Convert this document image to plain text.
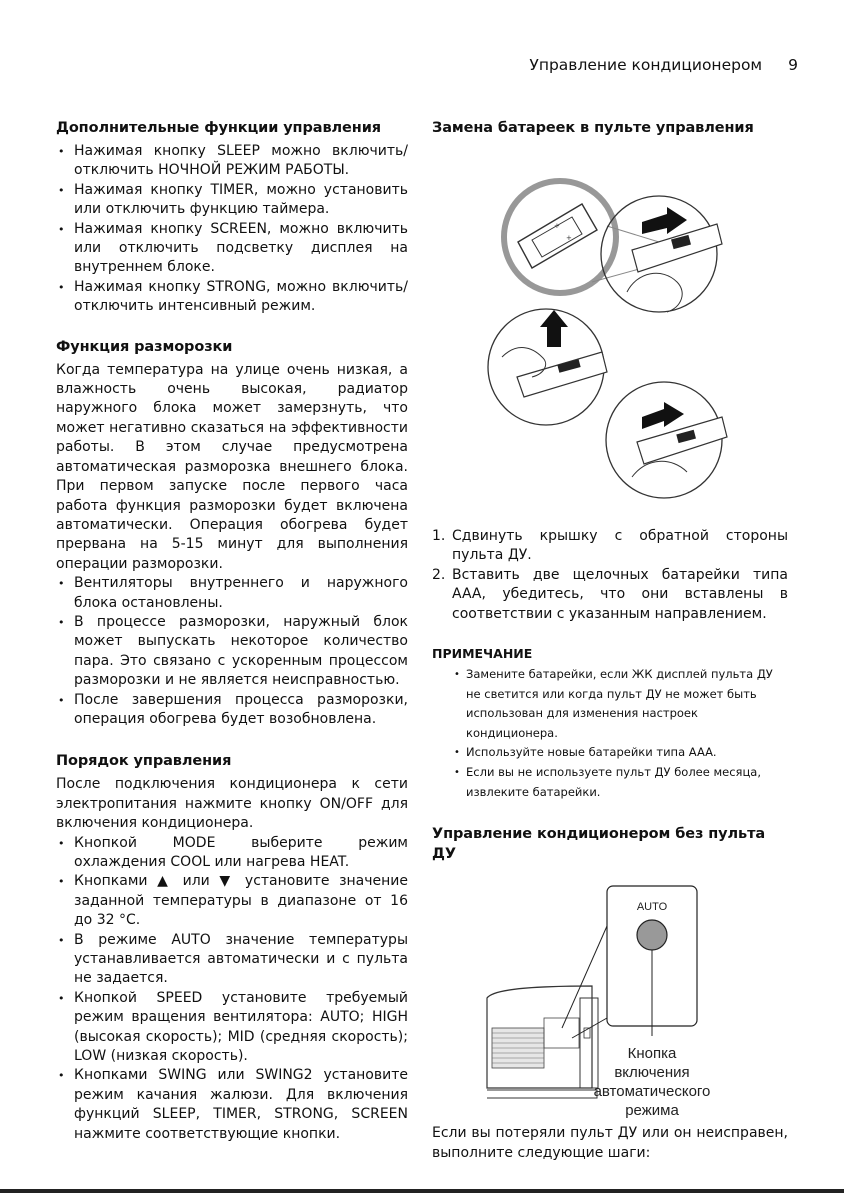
Управление кондиционером 9
Дополнительные функции управления
• Нажимая кнопку SLEEP можно включить/отключить НОЧНОЙ РЕЖИМ РАБОТЫ.
• Нажимая кнопку TIMER, можно установить или отключить функцию таймера.
• Нажимая кнопку SCREEN, можно включить или отключить подсветку дисплея на внутреннем блоке.
• Нажимая кнопку STRONG, можно включить/отключить интенсивный режим.
Функция разморозки

Когда температура на улице очень низкая, а влажность очень высокая, радиатор наружного блока может замерзнуть, что может негативно сказаться на эффективности работы. В этом случае предусмотрена автоматическая разморозка внешнего блока. При первом запуске после первого часа работа функция разморозки будет включена автоматически. Операция обогрева будет прервана на 5-15 минут для выполнения операции разморозки.

• Вентиляторы внутреннего и наружного блока остановлены.
• В процессе разморозки, наружный блок может выпускать некоторое количество пара. Это связано с ускоренным процессом разморозки и не является неисправностью.
• После завершения процесса разморозки, операция обогрева будет возобновлена.
Порядок управления

После подключения кондиционера к сети электропитания нажмите кнопку ON/OFF для включения кондиционера.

• Кнопкой MODE выберите режим охлаждения COOL или нагрева HEAT.
• Кнопками ▲ или ▼ установите значение заданной температуры в диапазоне от 16 до 32 °C.
• В режиме AUTO значение температуры устанавливается автоматически и с пульта не задается.
• Кнопкой SPEED установите требуемый режим вращения вентилятора: AUTO; HIGH (высокая скорость); MID (средняя скорость); LOW (низкая скорость).
• Кнопками SWING или SWING2 установите режим качания жалюзи. Для включения функций SLEEP, TIMER, STRONG, SCREEN нажмите соответствующие кнопки.
Замена батареек в пульте управления
+
+
1. Сдвинуть крышку с обратной стороны пульта ДУ.
2. Вставить две щелочных батарейки типа AAA, убедитесь, что они вставлены в соответствии с указанным направлением.
ПРИМЕЧАНИЕ
• Замените батарейки, если ЖК дисплей пульта ДУ не светится или когда пульт ДУ не может быть использован для изменения настроек кондиционера.
• Используйте новые батарейки типа AAA.
• Если вы не используете пульт ДУ более месяца, извлеките батарейки.
Управление кондиционером без пульта ДУ
AUTO
Кнопка
включения
автоматического
режима

Если вы потеряли пульт ДУ или он неисправен, выполните следующие шаги:
